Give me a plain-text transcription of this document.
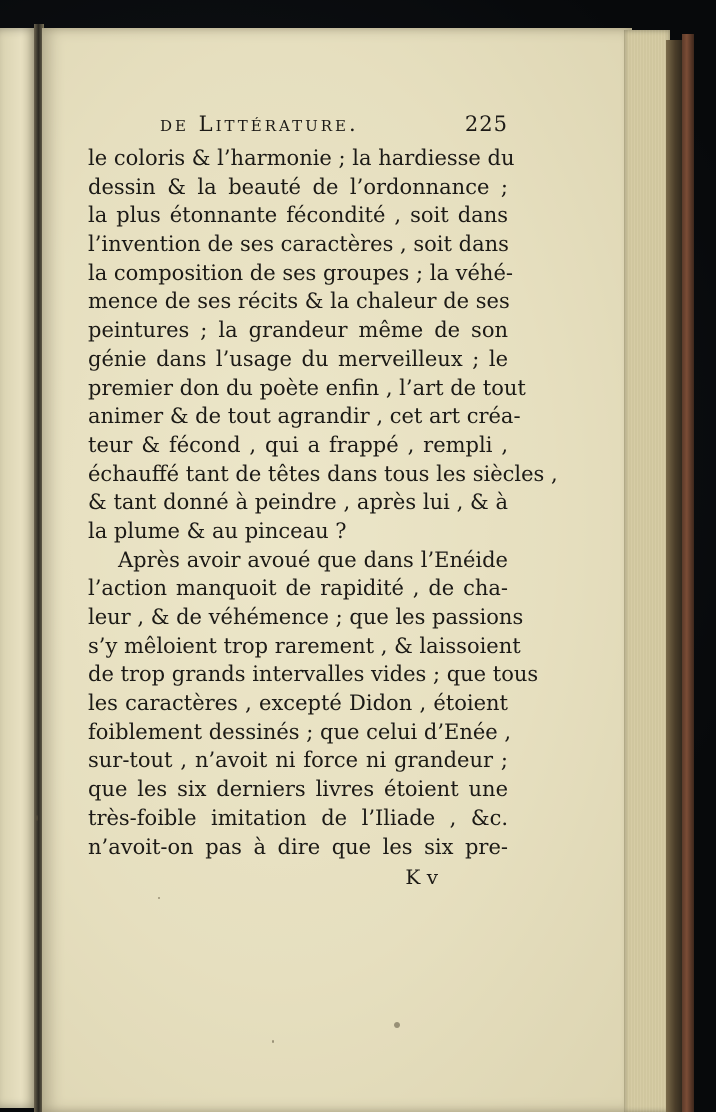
de Littérature.	225
le coloris & l’harmonie ; la hardiesse du
dessin & la beauté de l’ordonnance ;
la plus étonnante fécondité , soit dans
l’invention de ses caractères , soit dans
la composition de ses groupes ; la véhé-
mence de ses récits & la chaleur de ses
peintures ; la grandeur même de son
génie dans l’usage du merveilleux ; le
premier don du poète enfin , l’art de tout
animer & de tout agrandir , cet art créa-
teur & fécond , qui a frappé , rempli ,
échauffé tant de têtes dans tous les siècles ,
& tant donné à peindre , après lui , & à
la plume & au pinceau ?
Après avoir avoué que dans l’Enéide
l’action manquoit de rapidité , de cha-
leur , & de véhémence ; que les passions
s’y mêloient trop rarement , & laissoient
de trop grands intervalles vides ; que tous
les caractères , excepté Didon , étoient
foiblement dessinés ; que celui d’Enée ,
sur-tout , n’avoit ni force ni grandeur ;
que les six derniers livres étoient une
très-foible imitation de l’Iliade , &c.
n’avoit-on pas à dire que les six pre-
K v
